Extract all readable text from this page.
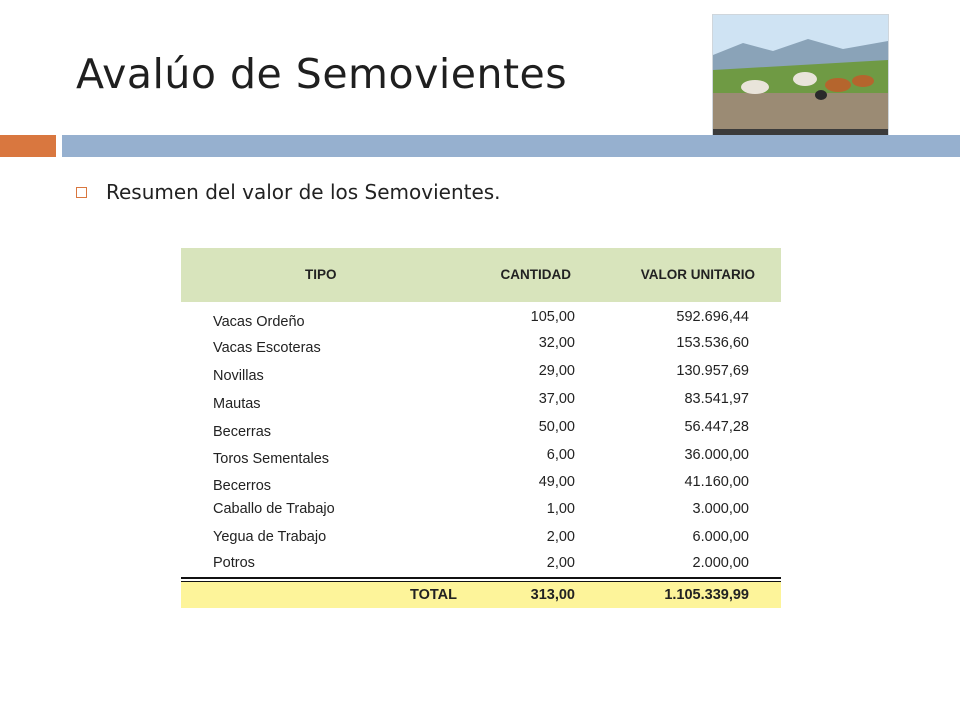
Avalúo de Semovientes
Resumen del valor de los Semovientes.
TIPO	CANTIDAD	VALOR UNITARIO
Vacas Ordeño	105,00	592.696,44
Vacas Escoteras	32,00	153.536,60
Novillas	29,00	130.957,69
Mautas	37,00	83.541,97
Becerras	50,00	56.447,28
Toros Sementales	6,00	36.000,00
Becerros	49,00	41.160,00
Caballo de Trabajo	1,00	3.000,00
Yegua de Trabajo	2,00	6.000,00
Potros	2,00	2.000,00
TOTAL	313,00	1.105.339,99
